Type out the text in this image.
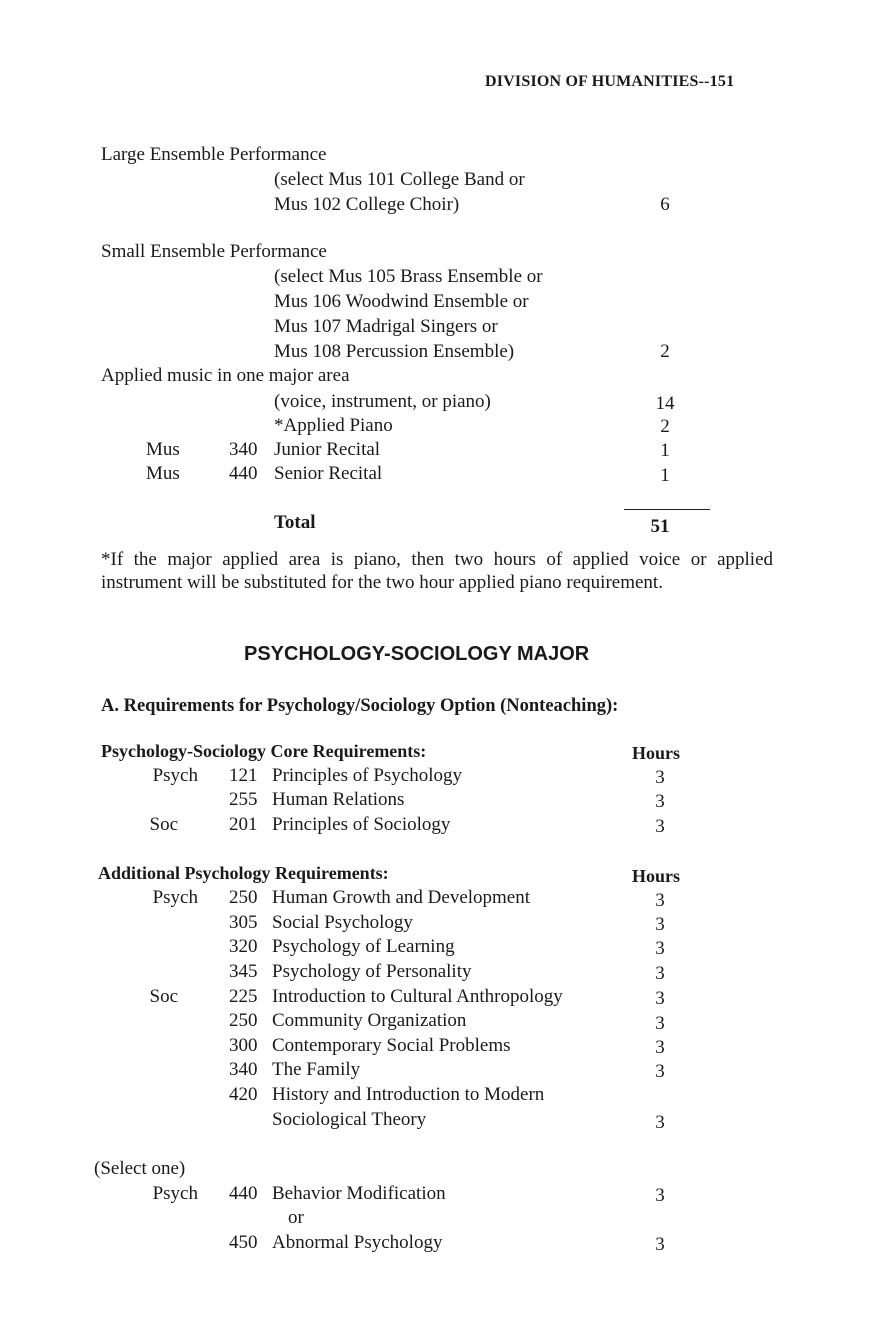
DIVISION OF HUMANITIES--151
Large Ensemble Performance
(select Mus 101 College Band or
Mus 102 College Choir)	6
Small Ensemble Performance
(select Mus 105 Brass Ensemble or
Mus 106 Woodwind Ensemble or
Mus 107 Madrigal Singers or
Mus 108 Percussion Ensemble)	2
Applied music in one major area
(voice, instrument, or piano)	14
*Applied Piano	2
Mus	340 Junior Recital	1
Mus	440 Senior Recital	1
Total	51
*If the major applied area is piano, then two hours of applied voice or applied instrument will be substituted for the two hour applied piano requirement.
PSYCHOLOGY-SOCIOLOGY MAJOR
A. Requirements for Psychology/Sociology Option (Nonteaching):
Psychology-Sociology Core Requirements:	Hours
Psych 121 Principles of Psychology	3
255 Human Relations	3
Soc	201 Principles of Sociology	3
Additional Psychology Requirements:	Hours
Psych 250 Human Growth and Development	3
305 Social Psychology	3
320 Psychology of Learning	3
345 Psychology of Personality	3
Soc	225 Introduction to Cultural Anthropology	3
250 Community Organization	3
300 Contemporary Social Problems	3
340 The Family	3
420 History and Introduction to Modern
Sociological Theory	3
(Select one)
Psych 440 Behavior Modification	3
or
450 Abnormal Psychology	3
